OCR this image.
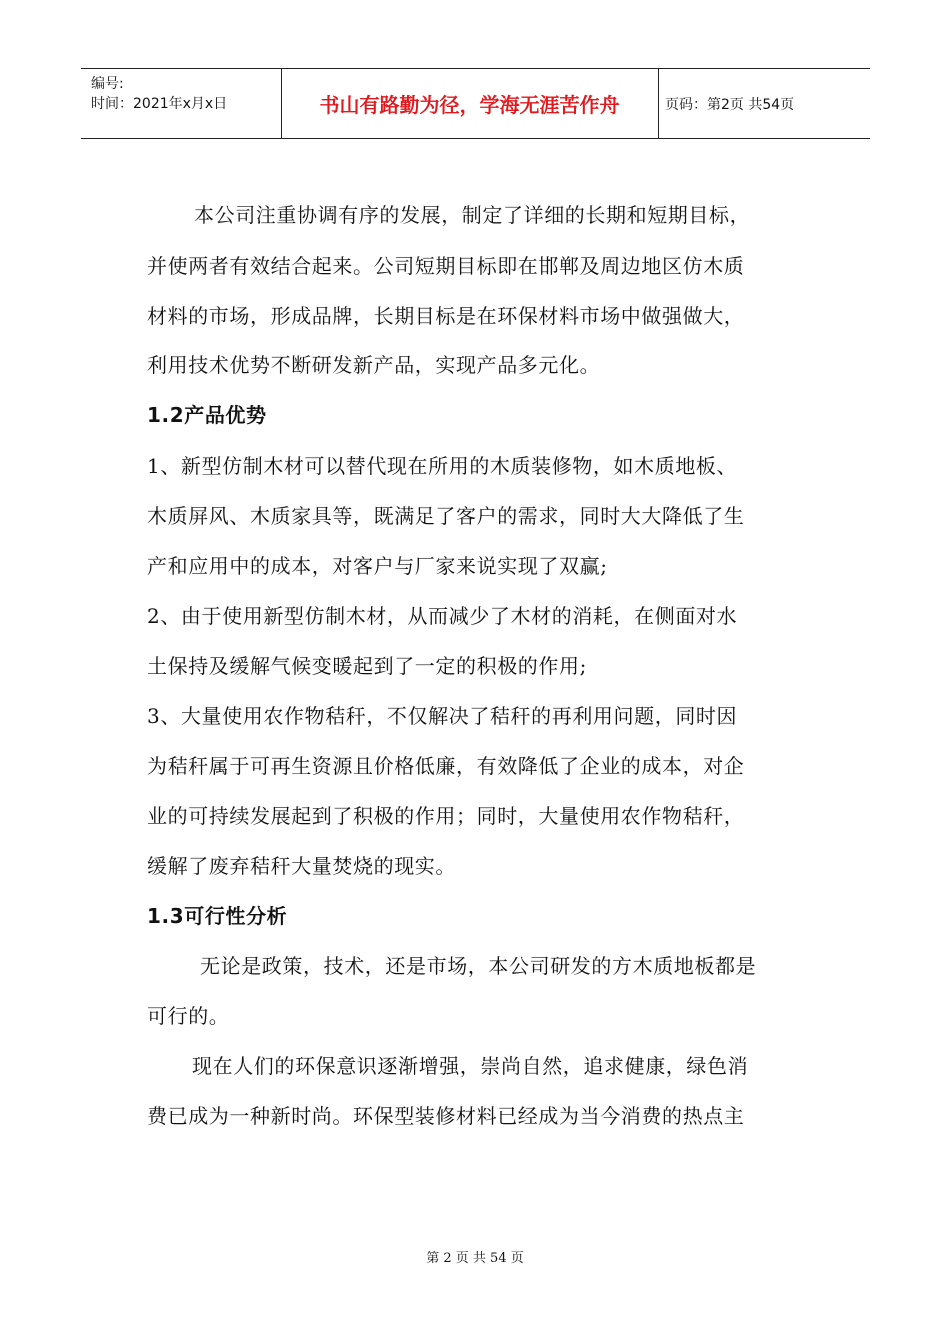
编号:
时间：2021年x月x日	书山有路勤为径，学海无涯苦作舟	页码：第2页 共54页
本公司注重协调有序的发展，制定了详细的长期和短期目标，
并使两者有效结合起来。公司短期目标即在邯郸及周边地区仿木质
材料的市场，形成品牌，长期目标是在环保材料市场中做强做大，
利用技术优势不断研发新产品，实现产品多元化。
1.2产品优势
1、新型仿制木材可以替代现在所用的木质装修物，如木质地板、
木质屏风、木质家具等，既满足了客户的需求，同时大大降低了生
产和应用中的成本，对客户与厂家来说实现了双赢;
2、由于使用新型仿制木材，从而减少了木材的消耗，在侧面对水
土保持及缓解气候变暖起到了一定的积极的作用;
3、大量使用农作物秸秆，不仅解决了秸秆的再利用问题，同时因
为秸秆属于可再生资源且价格低廉，有效降低了企业的成本，对企
业的可持续发展起到了积极的作用；同时，大量使用农作物秸秆，
缓解了废弃秸秆大量焚烧的现实。
1.3可行性分析
无论是政策，技术，还是市场，本公司研发的方木质地板都是
可行的。
现在人们的环保意识逐渐增强，崇尚自然，追求健康，绿色消
费已成为一种新时尚。环保型装修材料已经成为当今消费的热点主
第 2 页 共 54 页
